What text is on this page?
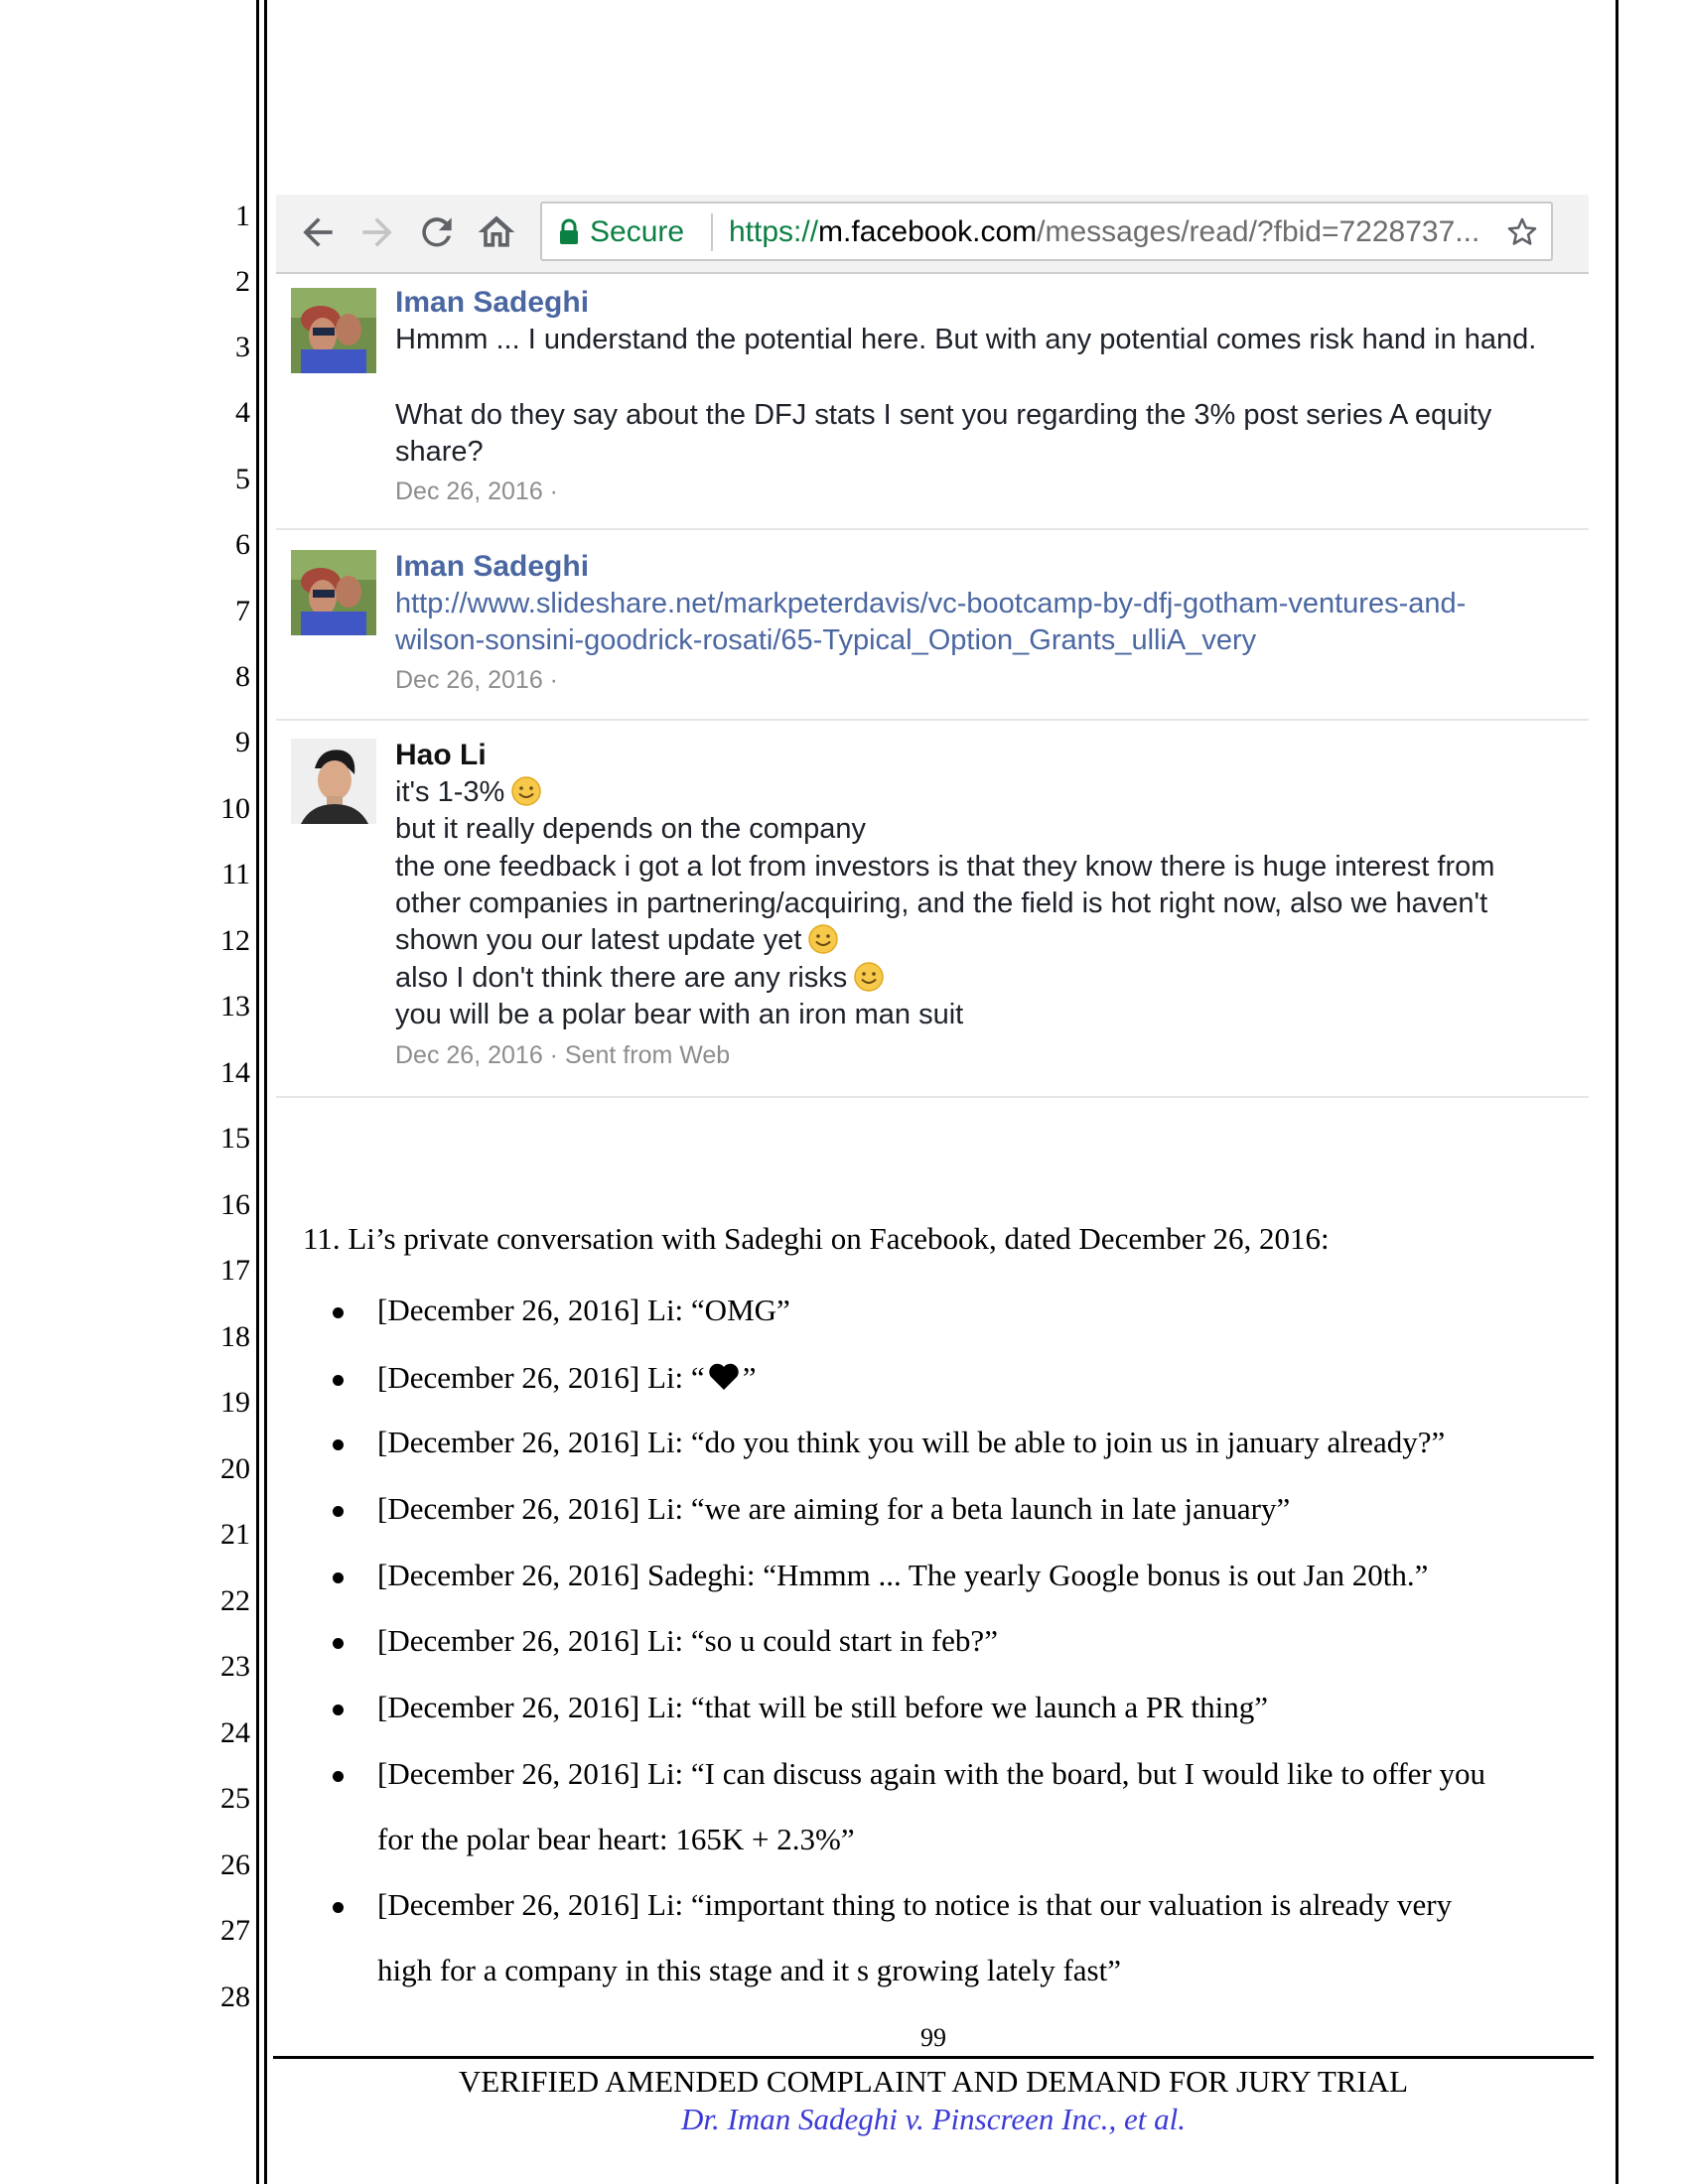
1
2
3
4
5
6
7
8
9
10
11
12
13
14
15
16
17
18
19
20
21
22
23
24
25
26
27
28
Secure https://m.facebook.com/messages/read/?fbid=7228737...
Iman Sadeghi
Hmmm ... I understand the potential here. But with any potential comes risk hand in hand.
What do they say about the DFJ stats I sent you regarding the 3% post series A equity
share?
Dec 26, 2016 ·
Iman Sadeghi
http://www.slideshare.net/markpeterdavis/vc-bootcamp-by-dfj-gotham-ventures-and-
wilson-sonsini-goodrick-rosati/65-Typical_Option_Grants_ulliA_very
Dec 26, 2016 ·
Hao Li
it's 1-3%
but it really depends on the company
the one feedback i got a lot from investors is that they know there is huge interest from
other companies in partnering/acquiring, and the field is hot right now, also we haven't
shown you our latest update yet
also I don't think there are any risks
you will be a polar bear with an iron man suit
Dec 26, 2016 · Sent from Web
11. Li’s private conversation with Sadeghi on Facebook, dated December 26, 2016:
[December 26, 2016] Li: “OMG”
[December 26, 2016] Li: “ ”
[December 26, 2016] Li: “do you think you will be able to join us in january already?”
[December 26, 2016] Li: “we are aiming for a beta launch in late january”
[December 26, 2016] Sadeghi: “Hmmm ... The yearly Google bonus is out Jan 20th.”
[December 26, 2016] Li: “so u could start in feb?”
[December 26, 2016] Li: “that will be still before we launch a PR thing”
[December 26, 2016] Li: “I can discuss again with the board, but I would like to offer you
for the polar bear heart: 165K + 2.3%”
[December 26, 2016] Li: “important thing to notice is that our valuation is already very
high for a company in this stage and it s growing lately fast”
99
VERIFIED AMENDED COMPLAINT AND DEMAND FOR JURY TRIAL
Dr. Iman Sadeghi v. Pinscreen Inc., et al.
